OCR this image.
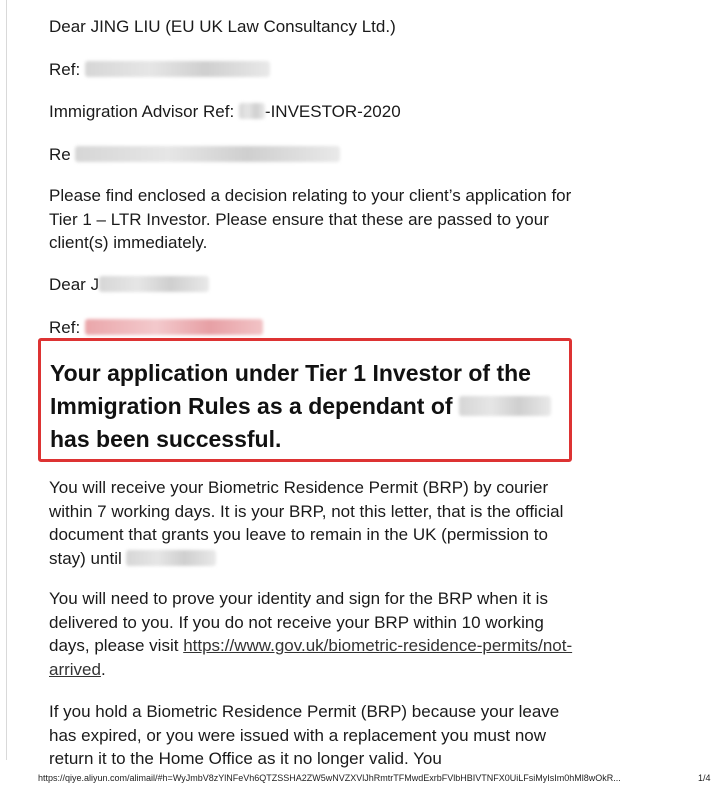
Dear JING LIU (EU UK Law Consultancy Ltd.)
Ref:
Immigration Advisor Ref: -INVESTOR-2020
Re
Please find enclosed a decision relating to your client’s application for Tier 1 – LTR Investor. Please ensure that these are passed to your client(s) immediately.
Dear J
Ref:
Your application under Tier 1 Investor of the Immigration Rules as a dependant of  has been successful.
You will receive your Biometric Residence Permit (BRP) by courier within 7 working days. It is your BRP, not this letter, that is the official document that grants you leave to remain in the UK (permission to stay) until
You will need to prove your identity and sign for the BRP when it is delivered to you. If you do not receive your BRP within 10 working days, please visit https://www.gov.uk/biometric-residence-permits/not-arrived.
If you hold a Biometric Residence Permit (BRP) because your leave has expired, or you were issued with a replacement you must now return it to the Home Office as it no longer valid. You
https://qiye.aliyun.com/alimail/#h=WyJmbV8zYlNFeVh6QTZSSHA2ZW5wNVZXVlJhRmtrTFMwdExrbFVlbHBIVTNFX0UiLFsiMyIsIm0hMl8wOkR...	1/4
